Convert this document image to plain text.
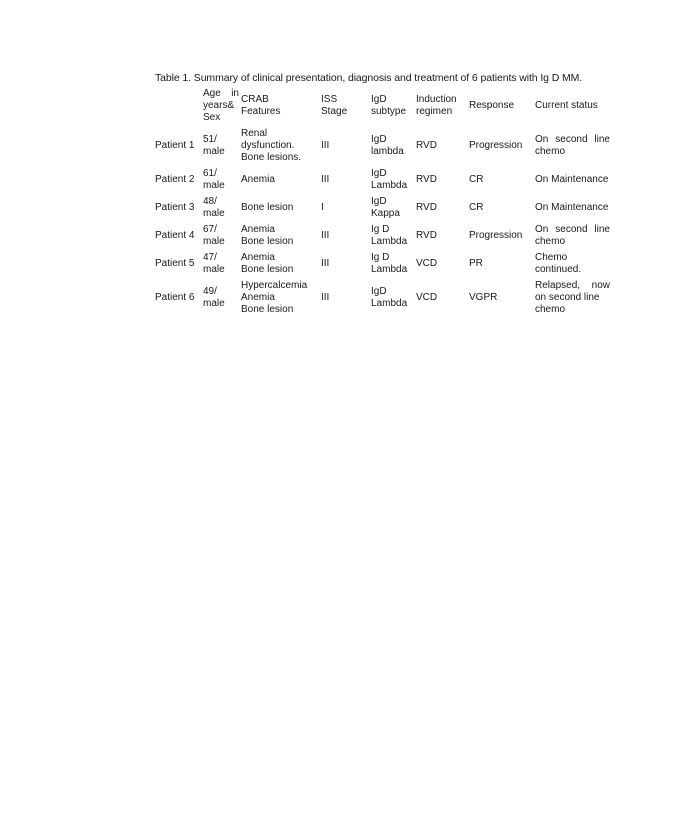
Table 1. Summary of clinical presentation, diagnosis and treatment of 6 patients with Ig D MM.

	Age in
years&
Sex	CRAB
Features	ISS
Stage	IgD
subtype	Induction
regimen	Response	Current status

Patient 1	51/
male	Renal
dysfunction.
Bone lesions.	III	IgD
lambda	RVD	Progression	On second line
chemo

Patient 2	61/
male	Anemia	III	IgD
Lambda	RVD	CR	On Maintenance

Patient 3	48/
male	Bone lesion	I	IgD
Kappa	RVD	CR	On Maintenance

Patient 4	67/
male	Anemia
Bone lesion	III	Ig D
Lambda	RVD	Progression	On second line
chemo

Patient 5	47/
male	Anemia
Bone lesion	III	Ig D
Lambda	VCD	PR	Chemo
continued.

Patient 6	49/
male	Hypercalcemia
Anemia
Bone lesion	III	IgD
Lambda	VCD	VGPR	Relapsed, now
on second line
chemo
